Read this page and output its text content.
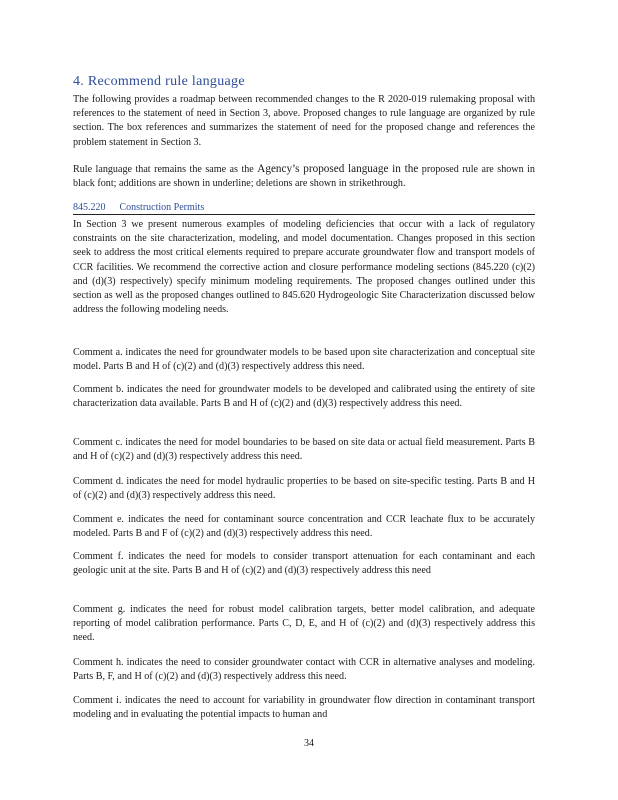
4. Recommend rule language

The following provides a roadmap between recommended changes to the R 2020-019 rulemaking proposal with references to the statement of need in Section 3, above. Proposed changes to rule language are organized by rule section. The box references and summarizes the statement of need for the proposed change and references the problem statement in Section 3.

Rule language that remains the same as the Agency’s proposed language in the proposed rule are shown in black font; additions are shown in underline; deletions are shown in strikethrough.

845.220 Construction Permits

In Section 3 we present numerous examples of modeling deficiencies that occur with a lack of regulatory constraints on the site characterization, modeling, and model documentation. Changes proposed in this section seek to address the most critical elements required to prepare accurate groundwater flow and transport models of CCR facilities. We recommend the corrective action and closure performance modeling sections (845.220 (c)(2) and (d)(3) respectively) specify minimum modeling requirements. The proposed changes outlined under this section as well as the proposed changes outlined to 845.620 Hydrogeologic Site Characterization discussed below address the following modeling needs.

Comment a. indicates the need for groundwater models to be based upon site characterization and conceptual site model. Parts B and H of (c)(2) and (d)(3) respectively address this need.

Comment b. indicates the need for groundwater models to be developed and calibrated using the entirety of site characterization data available. Parts B and H of (c)(2) and (d)(3) respectively address this need.

Comment c. indicates the need for model boundaries to be based on site data or actual field measurement. Parts B and H of (c)(2) and (d)(3) respectively address this need.

Comment d. indicates the need for model hydraulic properties to be based on site-specific testing. Parts B and H of (c)(2) and (d)(3) respectively address this need.

Comment e. indicates the need for contaminant source concentration and CCR leachate flux to be accurately modeled. Parts B and F of (c)(2) and (d)(3) respectively address this need.

Comment f. indicates the need for models to consider transport attenuation for each contaminant and each geologic unit at the site. Parts B and H of (c)(2) and (d)(3) respectively address this need

Comment g. indicates the need for robust model calibration targets, better model calibration, and adequate reporting of model calibration performance. Parts C, D, E, and H of (c)(2) and (d)(3) respectively address this need.

Comment h. indicates the need to consider groundwater contact with CCR in alternative analyses and modeling. Parts B, F, and H of (c)(2) and (d)(3) respectively address this need.

Comment i. indicates the need to account for variability in groundwater flow direction in contaminant transport modeling and in evaluating the potential impacts to human and

34
